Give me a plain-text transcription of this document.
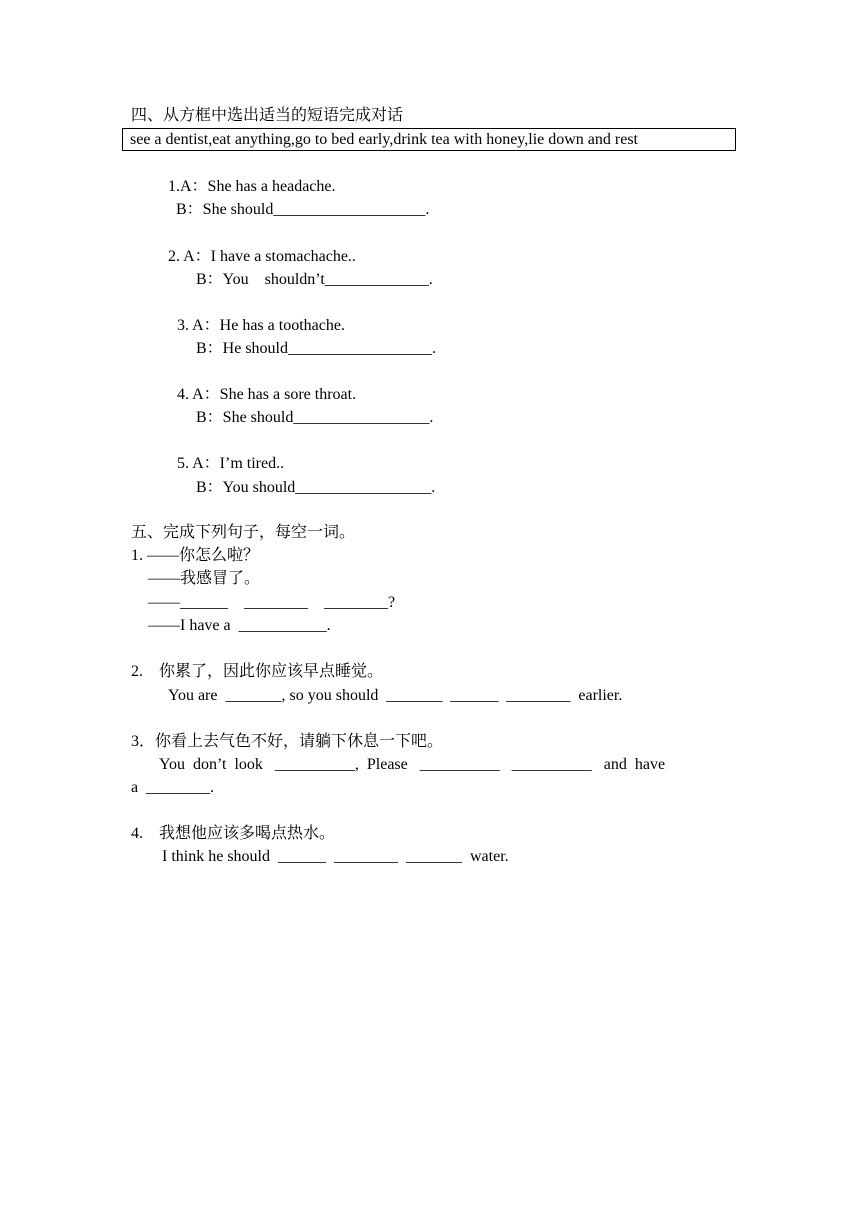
四、从方框中选出适当的短语完成对话
see a dentist,eat anything,go to bed early,drink tea with honey,lie down and rest
1.A：She has a headache.
B：She should___________________.
2. A：I have a stomachache..
B：You    shouldn’t_____________.
3. A：He has a toothache.
B：He should__________________.
4. A：She has a sore throat.
B：She should_________________.
5. A：I’m tired..
B：You should_________________.
五、完成下列句子，每空一词。
1. ——你怎么啦？
——我感冒了。
——______    ________    ________?
——I have a  ___________.
2.    你累了，因此你应该早点睡觉。
You are  _______, so you should  _______  ______  ________  earlier.
3．你看上去气色不好，请躺下休息一下吧。
You  don’t  look   __________,  Please   __________   __________   and  have
a  ________.
4.    我想他应该多喝点热水。
I think he should  ______  ________  _______  water.
